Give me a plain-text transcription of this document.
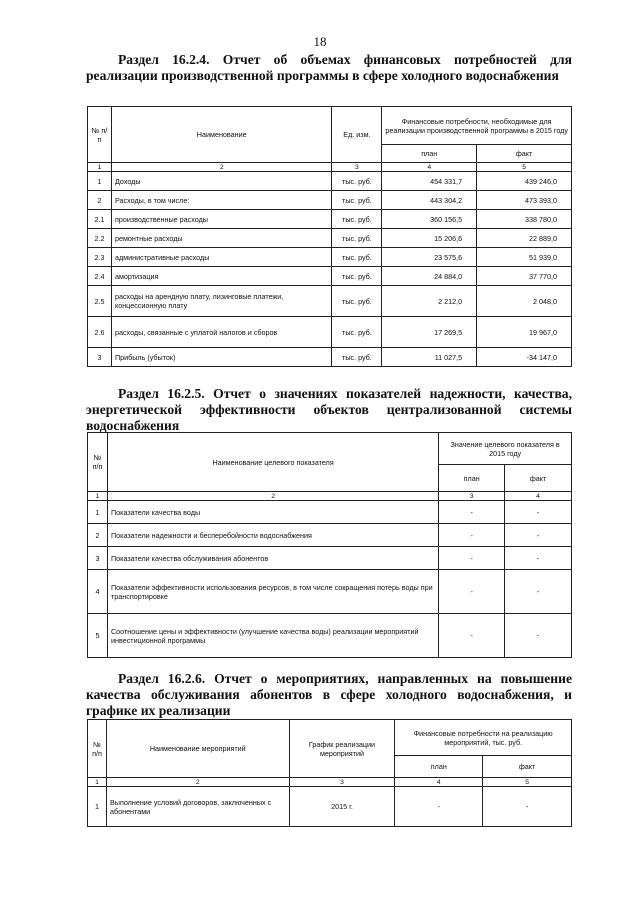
18
Раздел 16.2.4. Отчет об объемах финансовых потребностей для реализации производственной программы в сфере холодного водоснабжения
№ п/п	Наименование	Ед. изм.	Финансовые потребности, необходимые для реализации производственной программы в 2015 году	
			план	факт
1	2	3	4	5
1	Доходы	тыс. руб.	454 331,7	439 246,0
2	Расходы, в том числе:	тыс. руб.	443 304,2	473 393,0
2.1	производственные расходы	тыс. руб.	360 156,5	338 780,0
2.2	ремонтные расходы	тыс. руб.	15 206,6	22 889,0
2.3	административные расходы	тыс. руб.	23 575,6	51 939,0
2.4	амортизация	тыс. руб.	24 884,0	37 770,0
2.5	расходы на арендную плату, лизинговые платежи, концессионную плату	тыс. руб.	2 212,0	2 048,0
2.6	расходы, связанные с уплатой налогов и сборов	тыс. руб.	17 269,5	19 967,0
3	Прибыль (убыток)	тыс. руб.	11 027,5	-34 147,0
Раздел 16.2.5. Отчет о значениях показателей надежности, качества, энергетической эффективности объектов централизованной системы водоснабжения
№ п/п	Наименование целевого показателя	Значение целевого показателя в 2015 году	
		план	факт
1	2	3	4
1	Показатели качества воды	-	-
2	Показатели надежности и бесперебойности водоснабжения	-	-
3	Показатели качества обслуживания абонентов	-	-
4	Показатели эффективности использования ресурсов, в том числе сокращения потерь воды при транспортировке	-	-
5	Соотношение цены и эффективности (улучшение качества воды) реализации мероприятий инвестиционной программы	-	-
Раздел 16.2.6. Отчет о мероприятиях, направленных на повышение качества обслуживания абонентов в сфере холодного водоснабжения, и графике их реализации
№ п/п	Наименование мероприятий	График реализации мероприятий	Финансовые потребности на реализацию мероприятий, тыс. руб.	
			план	факт
1	2	3	4	5
1	Выполнение условий договоров, заключенных с абонентами	2015 г.	-	-
